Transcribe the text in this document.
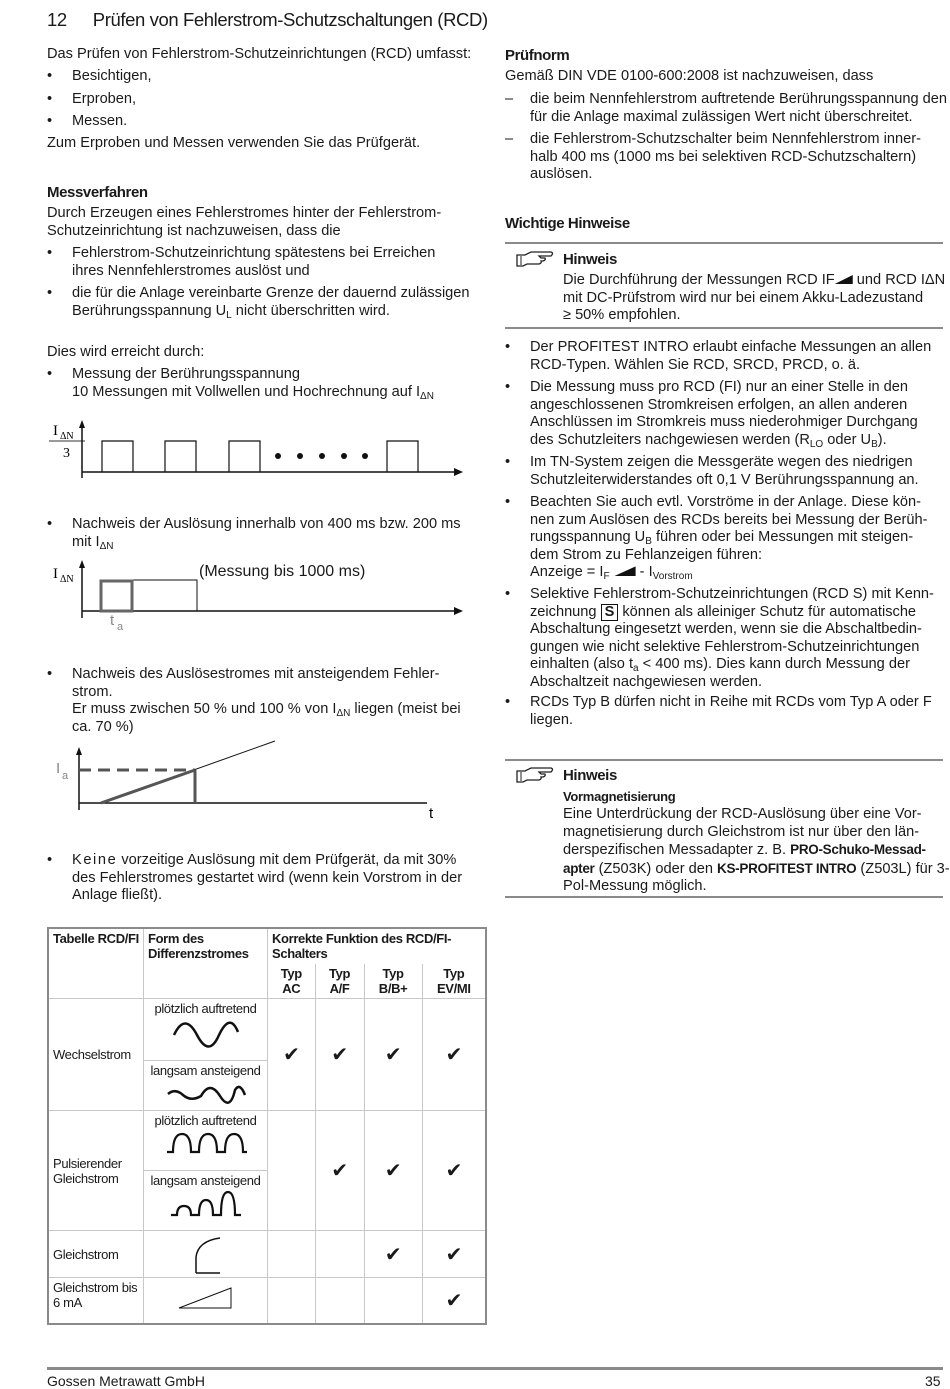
12 Prüfen von Fehlerstrom-Schutzschaltungen (RCD)
Das Prüfen von Fehlerstrom-Schutzeinrichtungen (RCD) umfasst:
• Besichtigen,
• Erproben,
• Messen.
Zum Erproben und Messen verwenden Sie das Prüfgerät.
Messverfahren
Durch Erzeugen eines Fehlerstromes hinter der Fehlerstrom-
Schutzeinrichtung ist nachzuweisen, dass die
• Fehlerstrom-Schutzeinrichtung spätestens bei Erreichen
ihres Nennfehlerstromes auslöst und
• die für die Anlage vereinbarte Grenze der dauernd zulässigen
Berührungsspannung $U_L$ nicht überschritten wird.
Dies wird erreicht durch:
• Messung der Berührungsspannung
10 Messungen mit Vollwellen und Hochrechnung auf $I_{\Delta N}$
I ΔN
3
• Nachweis der Auslösung innerhalb von 400 ms bzw. 200 ms
mit $I_{\Delta N}$
I ΔN	(Messung bis 1000 ms)
t a
• Nachweis des Auslösestromes mit ansteigendem Fehler-
strom.
Er muss zwischen 50 % und 100 % von $I_{\Delta N}$ liegen (meist bei
ca. 70 %)
I a
t
• Keine vorzeitige Auslösung mit dem Prüfgerät, da mit 30%
des Fehlerstromes gestartet wird (wenn kein Vorstrom in der
Anlage fließt).
Tabelle RCD/FI	Form des Differenzstromes	Korrekte Funktion des RCD/FI-Schalters			
		Typ AC	Typ A/F	Typ B/B+	Typ EV/MI
Wechselstrom	plötzlich auftretend	✔	✔	✔	✔
	langsam ansteigend				

Pulsierender Gleichstrom	plötzlich auftretend		✔	✔	✔
	langsam ansteigend				

Gleichstrom				✔	✔
Gleichstrom bis 6 mA					✔
Prüfnorm
Gemäß DIN VDE 0100-600:2008 ist nachzuweisen, dass
– die beim Nennfehlerstrom auftretende Berührungsspannung den
für die Anlage maximal zulässigen Wert nicht überschreitet.
– die Fehlerstrom-Schutzschalter beim Nennfehlerstrom inner-
halb 400 ms (1000 ms bei selektiven RCD-Schutzschaltern)
auslösen.
Wichtige Hinweise
Hinweis
Die Durchführung der Messungen RCD IF und RCD IΔN
mit DC-Prüfstrom wird nur bei einem Akku-Ladezustand
≥ 50% empfohlen.
• Der PROFITEST INTRO erlaubt einfache Messungen an allen
RCD-Typen. Wählen Sie RCD, SRCD, PRCD, o. ä.
• Die Messung muss pro RCD (FI) nur an einer Stelle in den
angeschlossenen Stromkreisen erfolgen, an allen anderen
Anschlüssen im Stromkreis muss niederohmiger Durchgang
des Schutzleiters nachgewiesen werden ($R_{LO}$ oder $U_B$).
• Im TN-System zeigen die Messgeräte wegen des niedrigen
Schutzleiterwiderstandes oft 0,1 V Berührungsspannung an.
• Beachten Sie auch evtl. Vorströme in der Anlage. Diese kön-
nen zum Auslösen des RCDs bereits bei Messung der Berüh-
rungsspannung $U_B$ führen oder bei Messungen mit steigen-
dem Strom zu Fehlanzeigen führen:
Anzeige = $I_F - I_{Vorstrom}$
• Selektive Fehlerstrom-Schutzeinrichtungen (RCD S) mit Kenn-
zeichnung S können als alleiniger Schutz für automatische
Abschaltung eingesetzt werden, wenn sie die Abschaltbedin-
gungen wie nicht selektive Fehlerstrom-Schutzeinrichtungen
einhalten (also $t_a < 400$ ms). Dies kann durch Messung der
Abschaltzeit nachgewiesen werden.
• RCDs Typ B dürfen nicht in Reihe mit RCDs vom Typ A oder F
liegen.
Hinweis
Vormagnetisierung
Eine Unterdrückung der RCD-Auslösung über eine Vor-
magnetisierung durch Gleichstrom ist nur über den län-
derspezifischen Messadapter z. B. PRO-Schuko-Messad-
apter (Z503K) oder den KS-PROFITEST INTRO (Z503L) für 3-
Pol-Messung möglich.
Gossen Metrawatt GmbH	35
